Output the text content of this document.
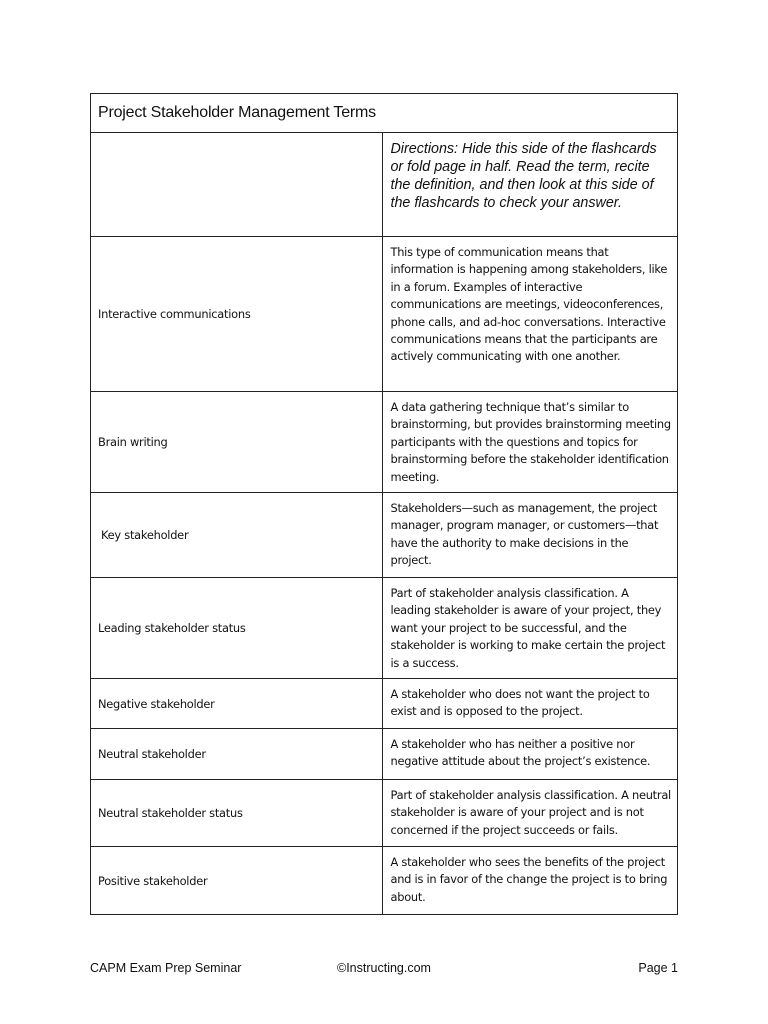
Project Stakeholder Management Terms	
	Directions: Hide this side of the flashcards or fold page in half. Read the term, recite the definition, and then look at this side of the flashcards to check your answer.
Interactive communications	This type of communication means that information is happening among stakeholders, like in a forum. Examples of interactive communications are meetings, videoconferences, phone calls, and ad-hoc conversations. Interactive communications means that the participants are actively communicating with one another.
Brain writing	A data gathering technique that’s similar to brainstorming, but provides brainstorming meeting participants with the questions and topics for brainstorming before the stakeholder identification meeting.
Key stakeholder	Stakeholders—such as management, the project manager, program manager, or customers—that have the authority to make decisions in the project.
Leading stakeholder status	Part of stakeholder analysis classification. A leading stakeholder is aware of your project, they want your project to be successful, and the stakeholder is working to make certain the project is a success.
Negative stakeholder	A stakeholder who does not want the project to exist and is opposed to the project.
Neutral stakeholder	A stakeholder who has neither a positive nor negative attitude about the project’s existence.
Neutral stakeholder status	Part of stakeholder analysis classification. A neutral stakeholder is aware of your project and is not concerned if the project succeeds or fails.
Positive stakeholder	A stakeholder who sees the benefits of the project and is in favor of the change the project is to bring about.
CAPM Exam Prep Seminar	©Instructing.com	Page 1
